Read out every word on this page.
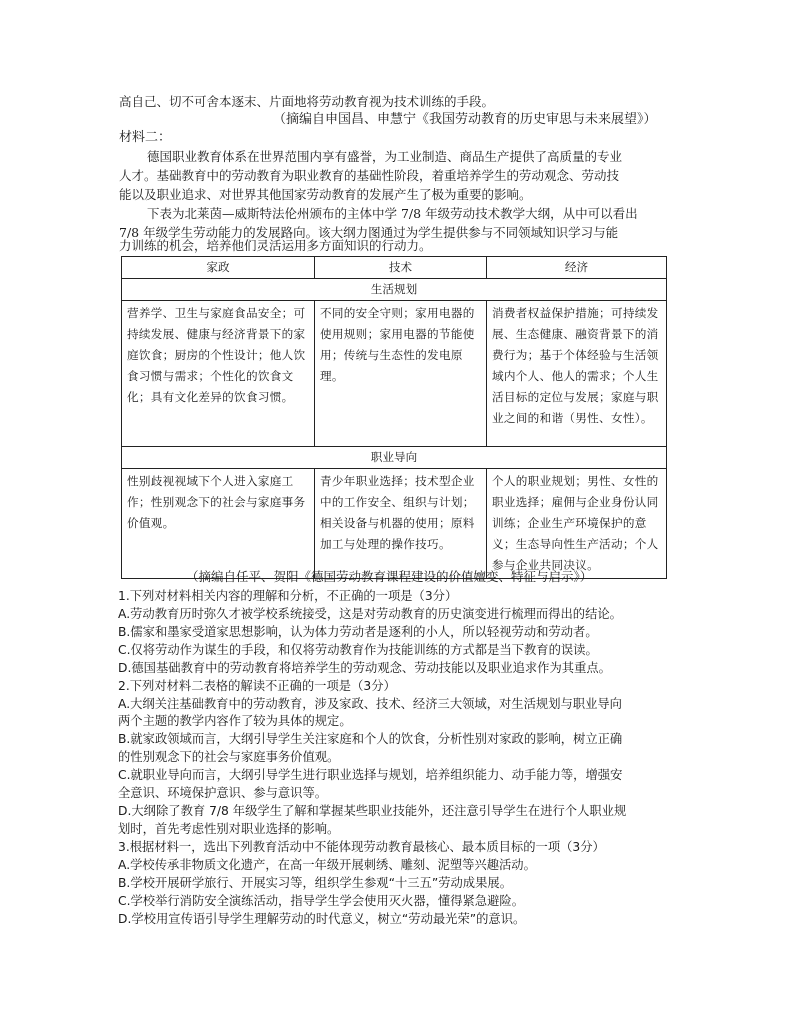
高自己、切不可舍本逐末、片面地将劳动教育视为技术训练的手段。
（摘编自申国昌、申慧宁《我国劳动教育的历史审思与未来展望》）
材料二：
德国职业教育体系在世界范围内享有盛誉，为工业制造、商品生产提供了高质量的专业
人才。基础教育中的劳动教育为职业教育的基础性阶段，着重培养学生的劳动观念、劳动技
能以及职业追求、对世界其他国家劳动教育的发展产生了极为重要的影响。
下表为北莱茵—威斯特法伦州颁布的主体中学 7/8 年级劳动技术教学大纲，从中可以看出
7/8 年级学生劳动能力的发展路向。该大纲力图通过为学生提供参与不同领域知识学习与能
力训练的机会，培养他们灵活运用多方面知识的行动力。
家政	技术	经济
生活规划		
营养学、卫生与家庭食品安全；可持续发展、健康与经济背景下的家庭饮食；厨房的个性设计；他人饮食习惯与需求；个性化的饮食文化；具有文化差异的饮食习惯。	不同的安全守则；家用电器的使用规则；家用电器的节能使用；传统与生态性的发电原理。	消费者权益保护措施；可持续发展、生态健康、融资背景下的消费行为；基于个体经验与生活领域内个人、他人的需求；个人生活目标的定位与发展；家庭与职业之间的和谐（男性、女性）。
职业导向		
性别歧视视域下个人进入家庭工作；性别观念下的社会与家庭事务价值观。	青少年职业选择；技术型企业中的工作安全、组织与计划；相关设备与机器的使用；原料加工与处理的操作技巧。	个人的职业规划；男性、女性的职业选择；雇佣与企业身份认同训练；企业生产环境保护的意义；生态导向性生产活动；个人参与企业共同决议。
（摘编自任平、贺阳《德国劳动教育课程建设的价值嬗变、特征与启示》）
1.下列对材料相关内容的理解和分析，不正确的一项是（3分）
A.劳动教育历时弥久才被学校系统接受，这是对劳动教育的历史演变进行梳理而得出的结论。
B.儒家和墨家受道家思想影响，认为体力劳动者是逐利的小人，所以轻视劳动和劳动者。
C.仅将劳动作为谋生的手段，和仅将劳动教育作为技能训练的方式都是当下教育的误读。
D.德国基础教育中的劳动教育将培养学生的劳动观念、劳动技能以及职业追求作为其重点。
2.下列对材料二表格的解读不正确的一项是（3分）
A.大纲关注基础教育中的劳动教育，涉及家政、技术、经济三大领域，对生活规划与职业导向
两个主题的教学内容作了较为具体的规定。
B.就家政领域而言，大纲引导学生关注家庭和个人的饮食，分析性别对家政的影响，树立正确
的性别观念下的社会与家庭事务价值观。
C.就职业导向而言，大纲引导学生进行职业选择与规划，培养组织能力、动手能力等，增强安
全意识、环境保护意识、参与意识等。
D.大纲除了教育 7/8 年级学生了解和掌握某些职业技能外，还注意引导学生在进行个人职业规
划时，首先考虑性别对职业选择的影响。
3.根据材料一，选出下列教育活动中不能体现劳动教育最核心、最本质目标的一项（3分）
A.学校传承非物质文化遗产，在高一年级开展刺绣、雕刻、泥塑等兴趣活动。
B.学校开展研学旅行、开展实习等，组织学生参观“十三五”劳动成果展。
C.学校举行消防安全演练活动，指导学生学会使用灭火器，懂得紧急避险。
D.学校用宣传语引导学生理解劳动的时代意义，树立“劳动最光荣”的意识。
